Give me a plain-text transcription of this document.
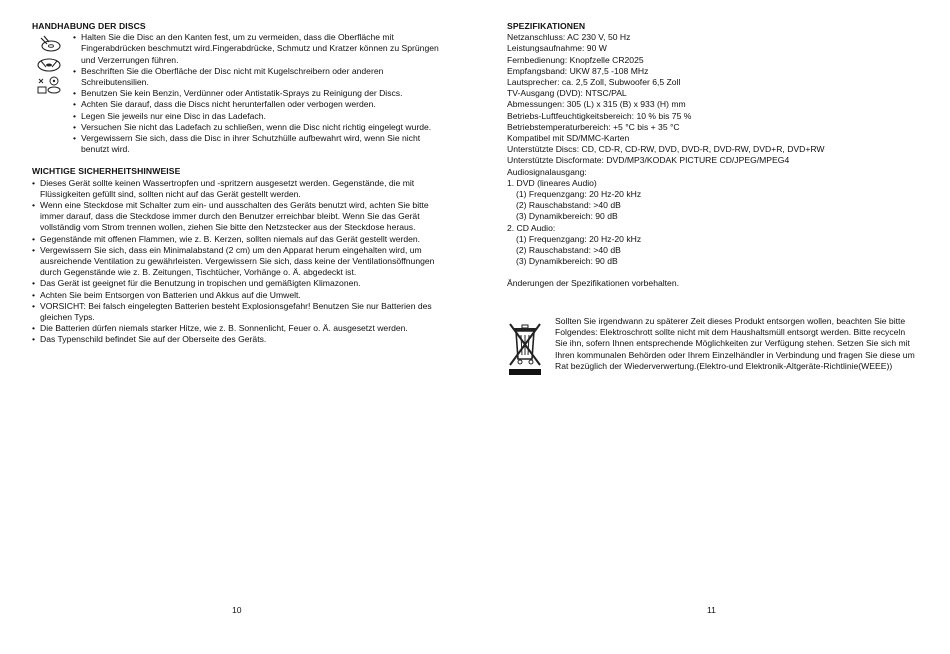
HANDHABUNG DER DISCS
• Halten Sie die Disc an den Kanten fest, um zu vermeiden, dass die Oberfläche mit Fingerabdrücken beschmutzt wird.Fingerabdrücke, Schmutz und Kratzer können zu Sprüngen und Verzerrungen führen.
• Beschriften Sie die Oberfläche der Disc nicht mit Kugelschreibern oder anderen Schreibutensilien.
• Benutzen Sie kein Benzin, Verdünner oder Antistatik-Sprays zu Reinigung der Discs.
• Achten Sie darauf, dass die Discs nicht herunterfallen oder verbogen werden.
• Legen Sie jeweils nur eine Disc in das Ladefach.
• Versuchen Sie nicht das Ladefach zu schließen, wenn die Disc nicht richtig eingelegt wurde.
• Vergewissern Sie sich, dass die Disc in ihrer Schutzhülle aufbewahrt wird, wenn Sie nicht benutzt wird.
WICHTIGE SICHERHEITSHINWEISE
• Dieses Gerät sollte keinen Wassertropfen und -spritzern ausgesetzt werden. Gegenstände, die mit Flüssigkeiten gefüllt sind, sollten nicht auf das Gerät gestellt werden.
• Wenn eine Steckdose mit Schalter zum ein- und ausschalten des Geräts benutzt wird, achten Sie bitte immer darauf, dass die Steckdose immer durch den Benutzer erreichbar bleibt. Wenn Sie das Gerät vollständig vom Strom trennen wollen, ziehen Sie bitte den Netzstecker aus der Steckdose heraus.
• Gegenstände mit offenen Flammen, wie z. B. Kerzen, sollten niemals auf das Gerät gestellt werden.
• Vergewissern Sie sich, dass ein Minimalabstand (2 cm) um den Apparat herum eingehalten wird, um ausreichende Ventilation zu gewährleisten. Vergewissern Sie sich, dass keine der Ventilationsöffnungen durch Gegenstände wie z. B. Zeitungen, Tischtücher, Vorhänge o. Ä. abgedeckt ist.
• Das Gerät ist geeignet für die Benutzung in tropischen und gemäßigten Klimazonen.
• Achten Sie beim Entsorgen von Batterien und Akkus auf die Umwelt.
• VORSICHT: Bei falsch eingelegten Batterien besteht Explosionsgefahr! Benutzen Sie nur Batterien des gleichen Typs.
• Die Batterien dürfen niemals starker Hitze, wie z. B. Sonnenlicht, Feuer o. Ä. ausgesetzt werden.
• Das Typenschild befindet Sie auf der Oberseite des Geräts.
10
SPEZIFIKATIONEN
Netzanschluss: AC 230 V, 50 Hz
Leistungsaufnahme: 90 W
Fernbedienung: Knopfzelle CR2025
Empfangsband: UKW 87,5 -108 MHz
Lautsprecher: ca. 2,5 Zoll, Subwoofer 6,5 Zoll
TV-Ausgang (DVD): NTSC/PAL
Abmessungen: 305 (L) x 315 (B) x 933 (H) mm
Betriebs-Luftfeuchtigkeitsbereich: 10 % bis 75 %
Betriebstemperaturbereich: +5 °C bis + 35 °C
Kompatibel mit SD/MMC-Karten
Unterstützte Discs: CD, CD-R, CD-RW, DVD, DVD-R, DVD-RW, DVD+R, DVD+RW
Unterstützte Discformate: DVD/MP3/KODAK PICTURE CD/JPEG/MPEG4
Audiosignalausgang:
1. DVD (lineares Audio)
(1) Frequenzgang: 20 Hz-20 kHz
(2) Rauschabstand: >40 dB
(3) Dynamikbereich: 90 dB
2. CD Audio:
(1) Frequenzgang: 20 Hz-20 kHz
(2) Rauschabstand: >40 dB
(3) Dynamikbereich: 90 dB
Änderungen der Spezifikationen vorbehalten.
Sollten Sie irgendwann zu späterer Zeit dieses Produkt entsorgen wollen, beachten Sie bitte Folgendes: Elektroschrott sollte nicht mit dem Haushaltsmüll entsorgt werden. Bitte recyceln Sie ihn, sofern Ihnen entsprechende Möglichkeiten zur Verfügung stehen. Setzen Sie sich mit Ihren kommunalen Behörden oder Ihrem Einzelhändler in Verbindung und fragen Sie diese um Rat bezüglich der Wiederverwertung.(Elektro-und Elektronik-Altgeräte-Richtlinie(WEEE))
11
